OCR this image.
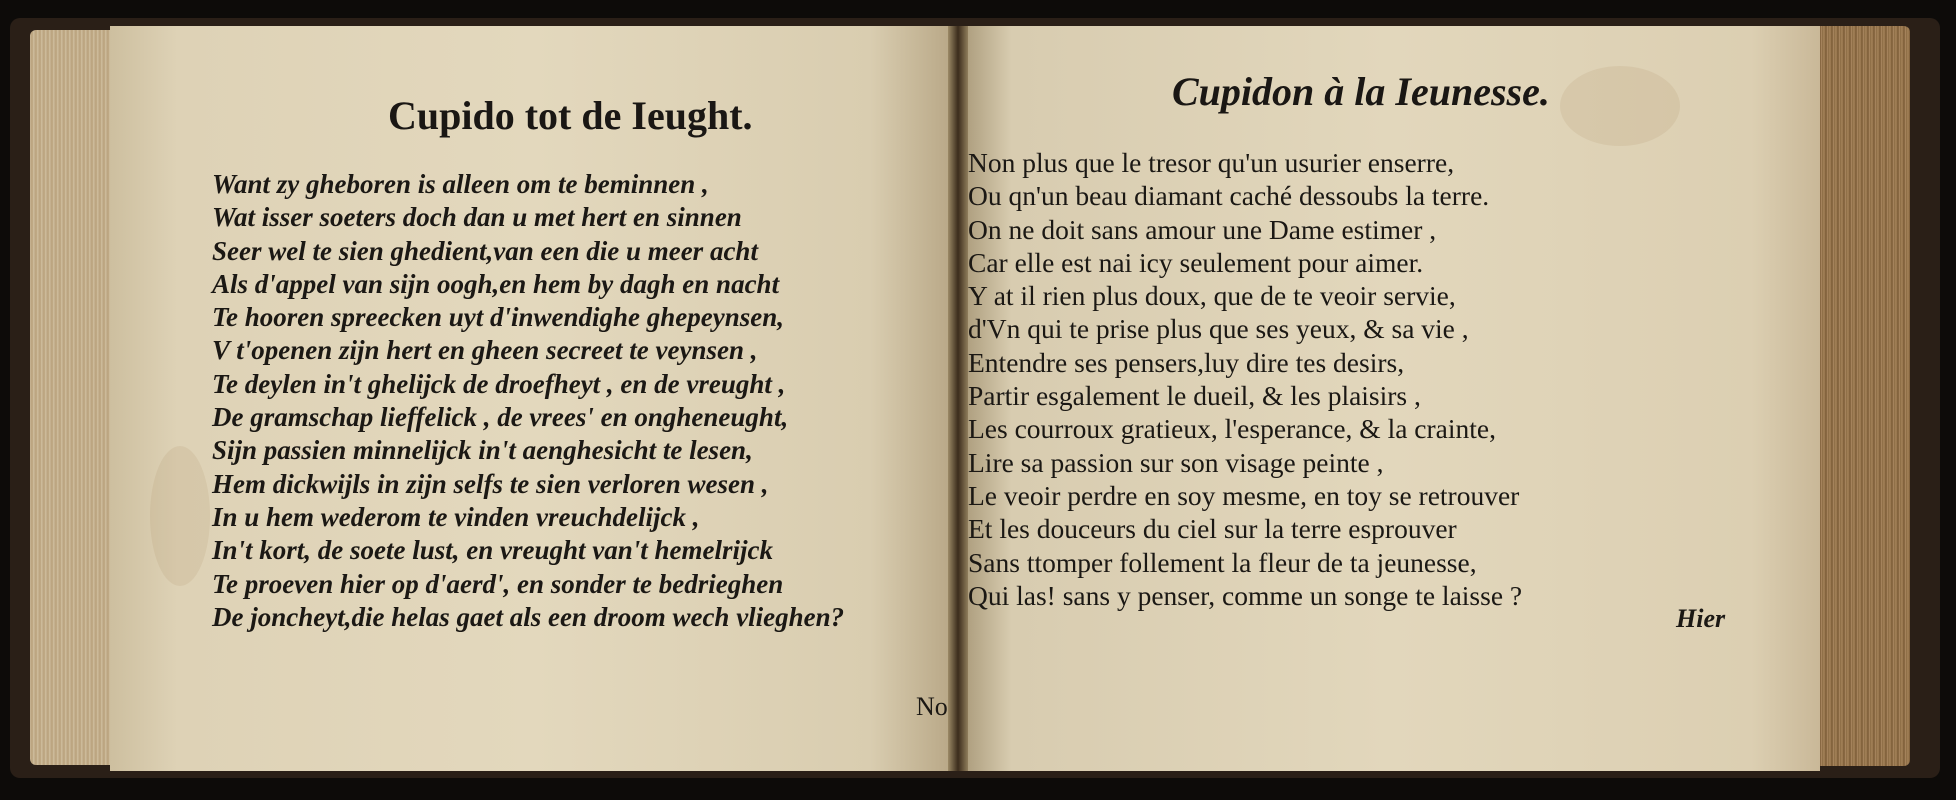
Cupido tot de Ieught.
Want zy gheboren is alleen om te beminnen ,
Wat isser soeters doch dan u met hert en sinnen
Seer wel te sien ghedient,van een die u meer acht
Als d'appel van sijn oogh,en hem by dagh en nacht
Te hooren spreecken uyt d'inwendighe ghepeynsen,
V t'openen zijn hert en gheen secreet te veynsen ,
Te deylen in't ghelijck de droefheyt , en de vreught ,
De gramschap lieffelick , de vrees' en ongheneught,
Sijn passien minnelijck in't aenghesicht te lesen,
Hem dickwijls in zijn selfs te sien verloren wesen ,
In u hem wederom te vinden vreuchdelijck ,
In't kort, de soete lust, en vreught van't hemelrijck
Te proeven hier op d'aerd', en sonder te bedrieghen
De joncheyt,die helas gaet als een droom wech vlieghen?

No

Cupidon à la Ieunesse.
Non plus que le tresor qu'un usurier enserre,
Ou qn'un beau diamant caché dessoubs la terre.
On ne doit sans amour une Dame estimer ,
Car elle est nai icy seulement pour aimer.
Y at il rien plus doux, que de te veoir servie,
d'Vn qui te prise plus que ses yeux, & sa vie ,
Entendre ses pensers,luy dire tes desirs,
Partir esgalement le dueil, & les plaisirs ,
Les courroux gratieux, l'esperance, & la crainte,
Lire sa passion sur son visage peinte ,
Le veoir perdre en soy mesme, en toy se retrouver
Et les douceurs du ciel sur la terre esprouver
Sans ttomper follement la fleur de ta jeunesse,
Qui las! sans y penser, comme un songe te laisse ?

Hier
